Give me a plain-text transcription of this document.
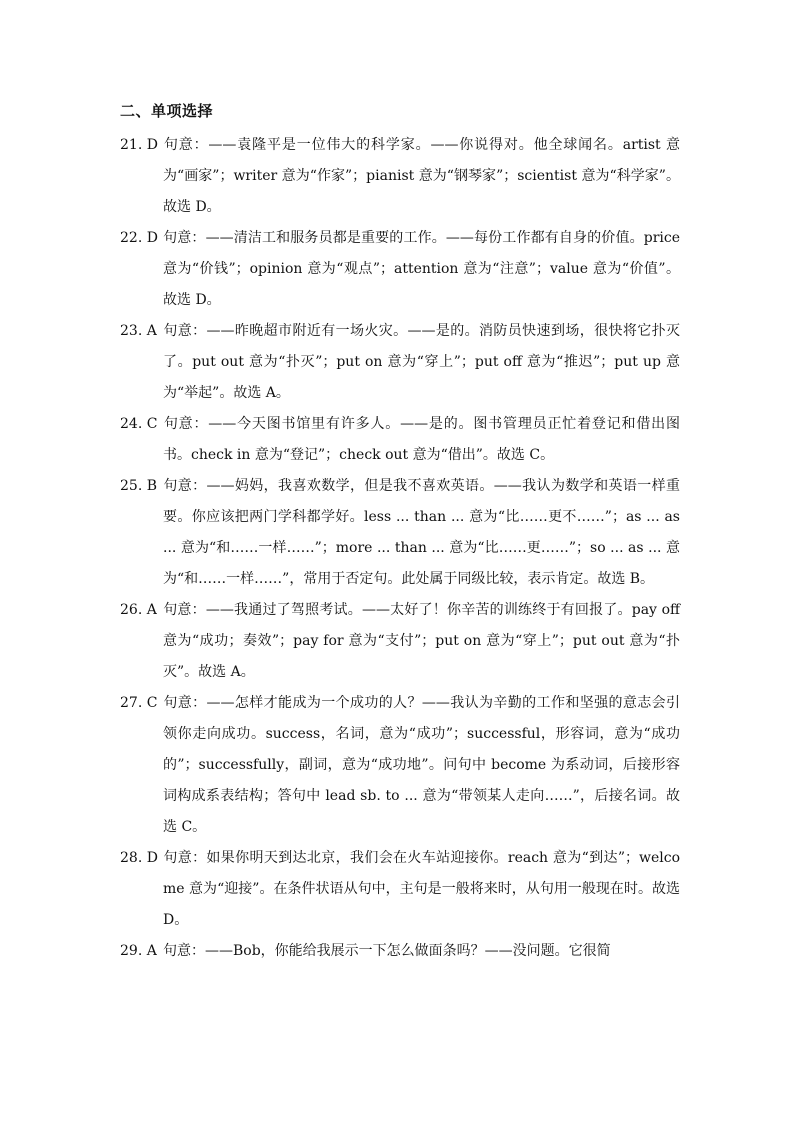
二、单项选择

21. D 句意：——袁隆平是一位伟大的科学家。——你说得对。他全球闻名。artist 意为“画家”；writer 意为“作家”；pianist 意为“钢琴家”；scientist 意为“科学家”。故选 D。

22. D 句意：——清洁工和服务员都是重要的工作。——每份工作都有自身的价值。price 意为“价钱”；opinion 意为“观点”；attention 意为“注意”；value 意为“价值”。故选 D。

23. A 句意：——昨晚超市附近有一场火灾。——是的。消防员快速到场，很快将它扑灭了。put out 意为“扑灭”；put on 意为“穿上”；put off 意为“推迟”；put up 意为“举起”。故选 A。

24. C 句意：——今天图书馆里有许多人。——是的。图书管理员正忙着登记和借出图书。check in 意为“登记”；check out 意为“借出”。故选 C。

25. B 句意：——妈妈，我喜欢数学，但是我不喜欢英语。——我认为数学和英语一样重要。你应该把两门学科都学好。less ... than ... 意为“比……更不……”；as ... as ... 意为“和……一样……”；more ... than ... 意为“比……更……”；so ... as ... 意为“和……一样……”，常用于否定句。此处属于同级比较，表示肯定。故选 B。

26. A 句意：——我通过了驾照考试。——太好了！你辛苦的训练终于有回报了。pay off 意为“成功；奏效”；pay for 意为“支付”；put on 意为“穿上”；put out 意为“扑灭”。故选 A。

27. C 句意：——怎样才能成为一个成功的人？——我认为辛勤的工作和坚强的意志会引领你走向成功。success，名词，意为“成功”；successful，形容词，意为“成功的”；successfully，副词，意为“成功地”。问句中 become 为系动词，后接形容词构成系表结构；答句中 lead sb. to ... 意为“带领某人走向……”，后接名词。故选 C。

28. D 句意：如果你明天到达北京，我们会在火车站迎接你。reach 意为“到达”；welcome 意为“迎接”。在条件状语从句中，主句是一般将来时，从句用一般现在时。故选 D。

29. A 句意：——Bob，你能给我展示一下怎么做面条吗？——没问题。它很简
